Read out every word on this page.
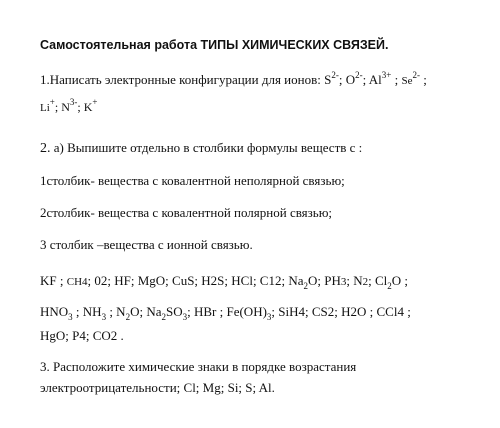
Самостоятельная работа ТИПЫ ХИМИЧЕСКИХ СВЯЗЕЙ.
1.Написать электронные конфигурации для ионов: $S^{2-}$; $O^{2-}$; $Al^{3+}$ ; $Se^{2-}$ ;
Li+; $N^{3-}$; K+
2. а) Выпишите отдельно в столбики формулы веществ с :
1столбик- вещества с ковалентной неполярной связью;
2столбик- вещества с ковалентной полярной связью;
3 столбик –вещества с ионной связью.
KF ; CH4; 02; HF; MgO; CuS; H2S; HCl; C12; $Na_2O$; PH3; N2; $Cl_2O$ ;
$HNO_3$ ; $NH_3$ ; $N_2O$; $Na_2SO_3$; HBr ; $Fe(OH)_3$; SiH4; CS2; H2O ; CCl4 ;
HgO; P4; CO2 .
3. Расположите химические знаки в порядке возрастания
электроотрицательности; Cl; Mg; Si; S; Al.
